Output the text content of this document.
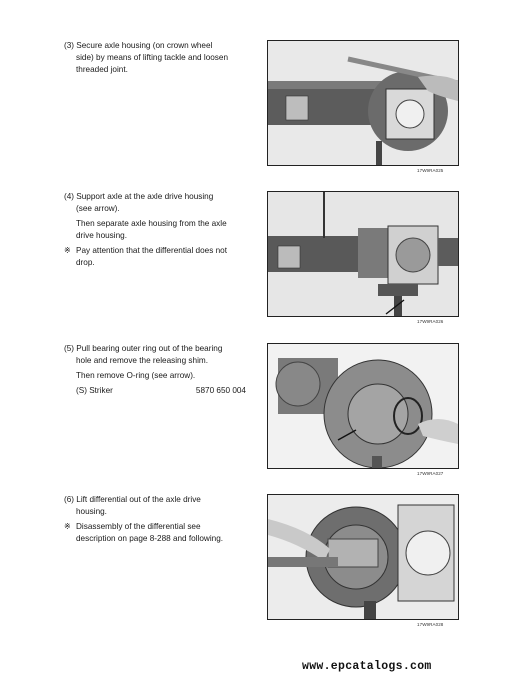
(3) Secure axle housing (on crown wheel
side) by means of lifting tackle and loosen
threaded joint.

17W9RA025

(4) Support axle at the axle drive housing
(see arrow).

Then separate axle housing from the axle
drive housing.

※ Pay attention that the differential does not
drop.
17W9RA026

(5) Pull bearing outer ring out of the bearing
hole and remove the releasing shim.

Then remove O-ring (see arrow).

(S) Striker	5870 650 004
17W9RA027

(6) Lift differential out of the axle drive
housing.

※ Disassembly of the differential see
description on page 8-288 and following.
17W9RA028
www.epcatalogs.com
